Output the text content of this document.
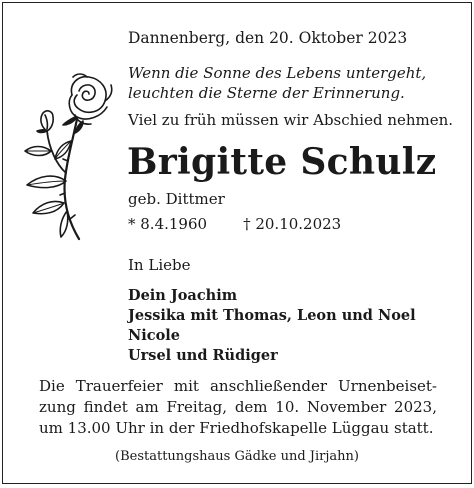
Dannenberg, den 20. Oktober 2023
Wenn die Sonne des Lebens untergeht,
leuchten die Sterne der Erinnerung.
Viel zu früh müssen wir Abschied nehmen.
Brigitte Schulz
geb. Dittmer
* 8.4.1960 † 20.10.2023
In Liebe
Dein Joachim
Jessika mit Thomas, Leon und Noel
Nicole
Ursel und Rüdiger
Die Trauerfeier mit anschließender Urnenbeiset-
zung findet am Freitag, dem 10. November 2023,
um 13.00 Uhr in der Friedhofskapelle Lüggau statt.
(Bestattungshaus Gädke und Jirjahn)
